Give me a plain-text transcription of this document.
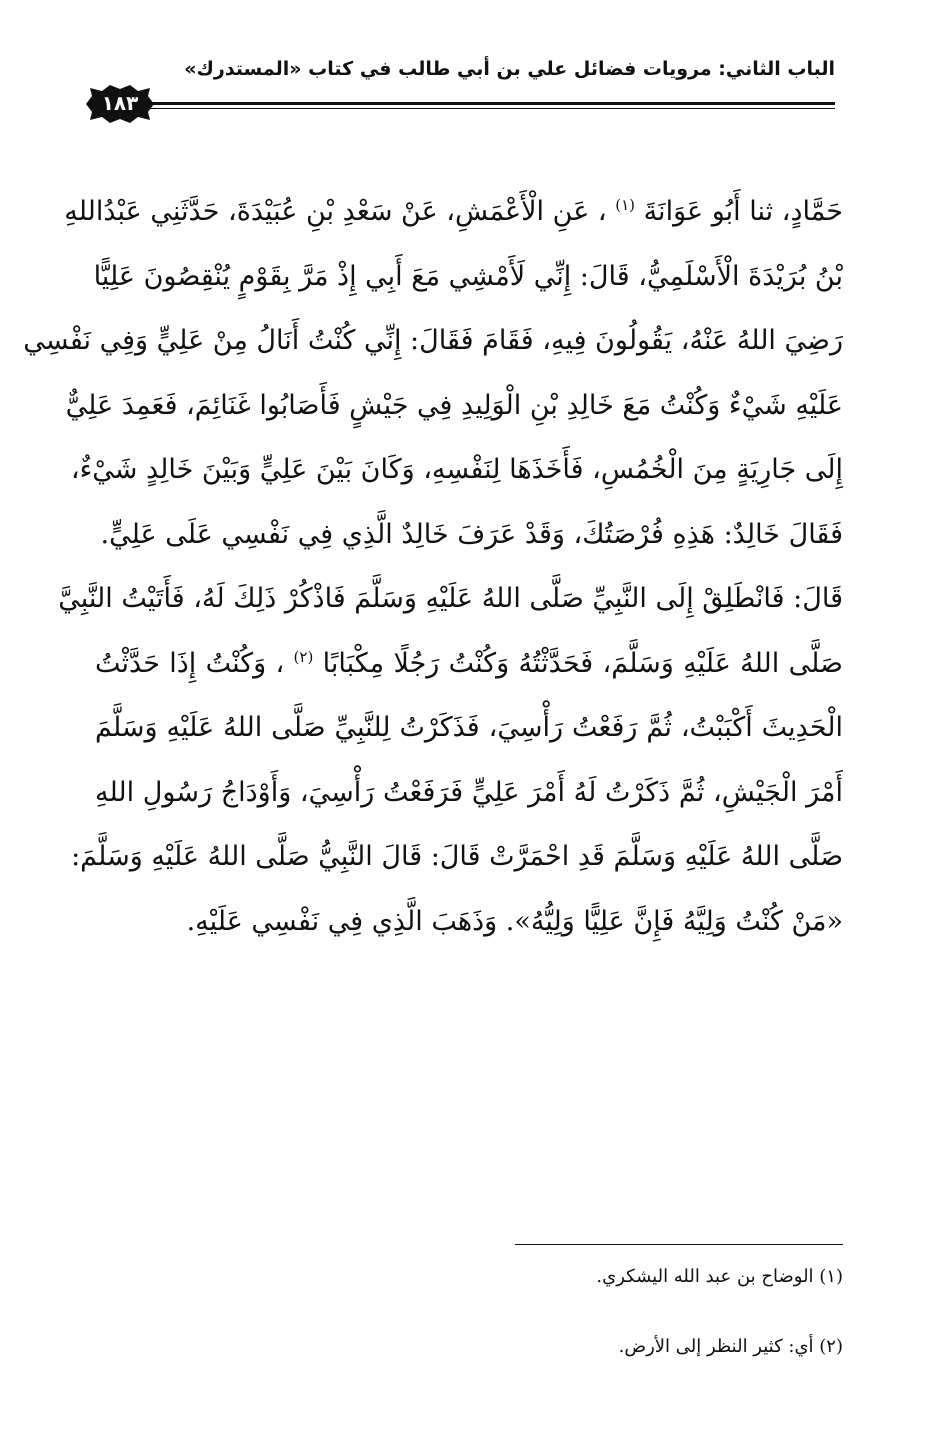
الباب الثاني: مرويات فضائل علي بن أبي طالب في كتاب «المستدرك»
١٨٣
حَمَّادٍ، ثنا أَبُو عَوَانَةَ $^{(١)}$ ، عَنِ الْأَعْمَشِ، عَنْ سَعْدِ بْنِ عُبَيْدَةَ، حَدَّثَنِي عَبْدُاللهِ
بْنُ بُرَيْدَةَ الْأَسْلَمِيُّ، قَالَ: إِنِّي لَأَمْشِي مَعَ أَبِي إِذْ مَرَّ بِقَوْمٍ يُنْقِصُونَ عَلِيًّا
رَضِيَ اللهُ عَنْهُ، يَقُولُونَ فِيهِ، فَقَامَ فَقَالَ: إِنِّي كُنْتُ أَنَالُ مِنْ عَلِيٍّ وَفِي نَفْسِي
عَلَيْهِ شَيْءٌ وَكُنْتُ مَعَ خَالِدِ بْنِ الْوَلِيدِ فِي جَيْشٍ فَأَصَابُوا غَنَائِمَ، فَعَمِدَ عَلِيٌّ
إِلَى جَارِيَةٍ مِنَ الْخُمُسِ، فَأَخَذَهَا لِنَفْسِهِ، وَكَانَ بَيْنَ عَلِيٍّ وَبَيْنَ خَالِدٍ شَيْءٌ،
فَقَالَ خَالِدٌ: هَذِهِ فُرْصَتُكَ، وَقَدْ عَرَفَ خَالِدٌ الَّذِي فِي نَفْسِي عَلَى عَلِيٍّ.
قَالَ: فَانْطَلِقْ إِلَى النَّبِيِّ صَلَّى اللهُ عَلَيْهِ وَسَلَّمَ فَاذْكُرْ ذَلِكَ لَهُ، فَأَتَيْتُ النَّبِيَّ
صَلَّى اللهُ عَلَيْهِ وَسَلَّمَ، فَحَدَّثْتُهُ وَكُنْتُ رَجُلًا مِكْبَابًا $^{(٢)}$ ، وَكُنْتُ إِذَا حَدَّثْتُ
الْحَدِيثَ أَكْبَبْتُ، ثُمَّ رَفَعْتُ رَأْسِيَ، فَذَكَرْتُ لِلنَّبِيِّ صَلَّى اللهُ عَلَيْهِ وَسَلَّمَ
أَمْرَ الْجَيْشِ، ثُمَّ ذَكَرْتُ لَهُ أَمْرَ عَلِيٍّ فَرَفَعْتُ رَأْسِيَ، وَأَوْدَاجُ رَسُولِ اللهِ
صَلَّى اللهُ عَلَيْهِ وَسَلَّمَ قَدِ احْمَرَّتْ قَالَ: قَالَ النَّبِيُّ صَلَّى اللهُ عَلَيْهِ وَسَلَّمَ:
«مَنْ كُنْتُ وَلِيَّهُ فَإِنَّ عَلِيًّا وَلِيُّهُ». وَذَهَبَ الَّذِي فِي نَفْسِي عَلَيْهِ.
(١) الوضاح بن عبد الله اليشكري.
(٢) أي: كثير النظر إلى الأرض.
